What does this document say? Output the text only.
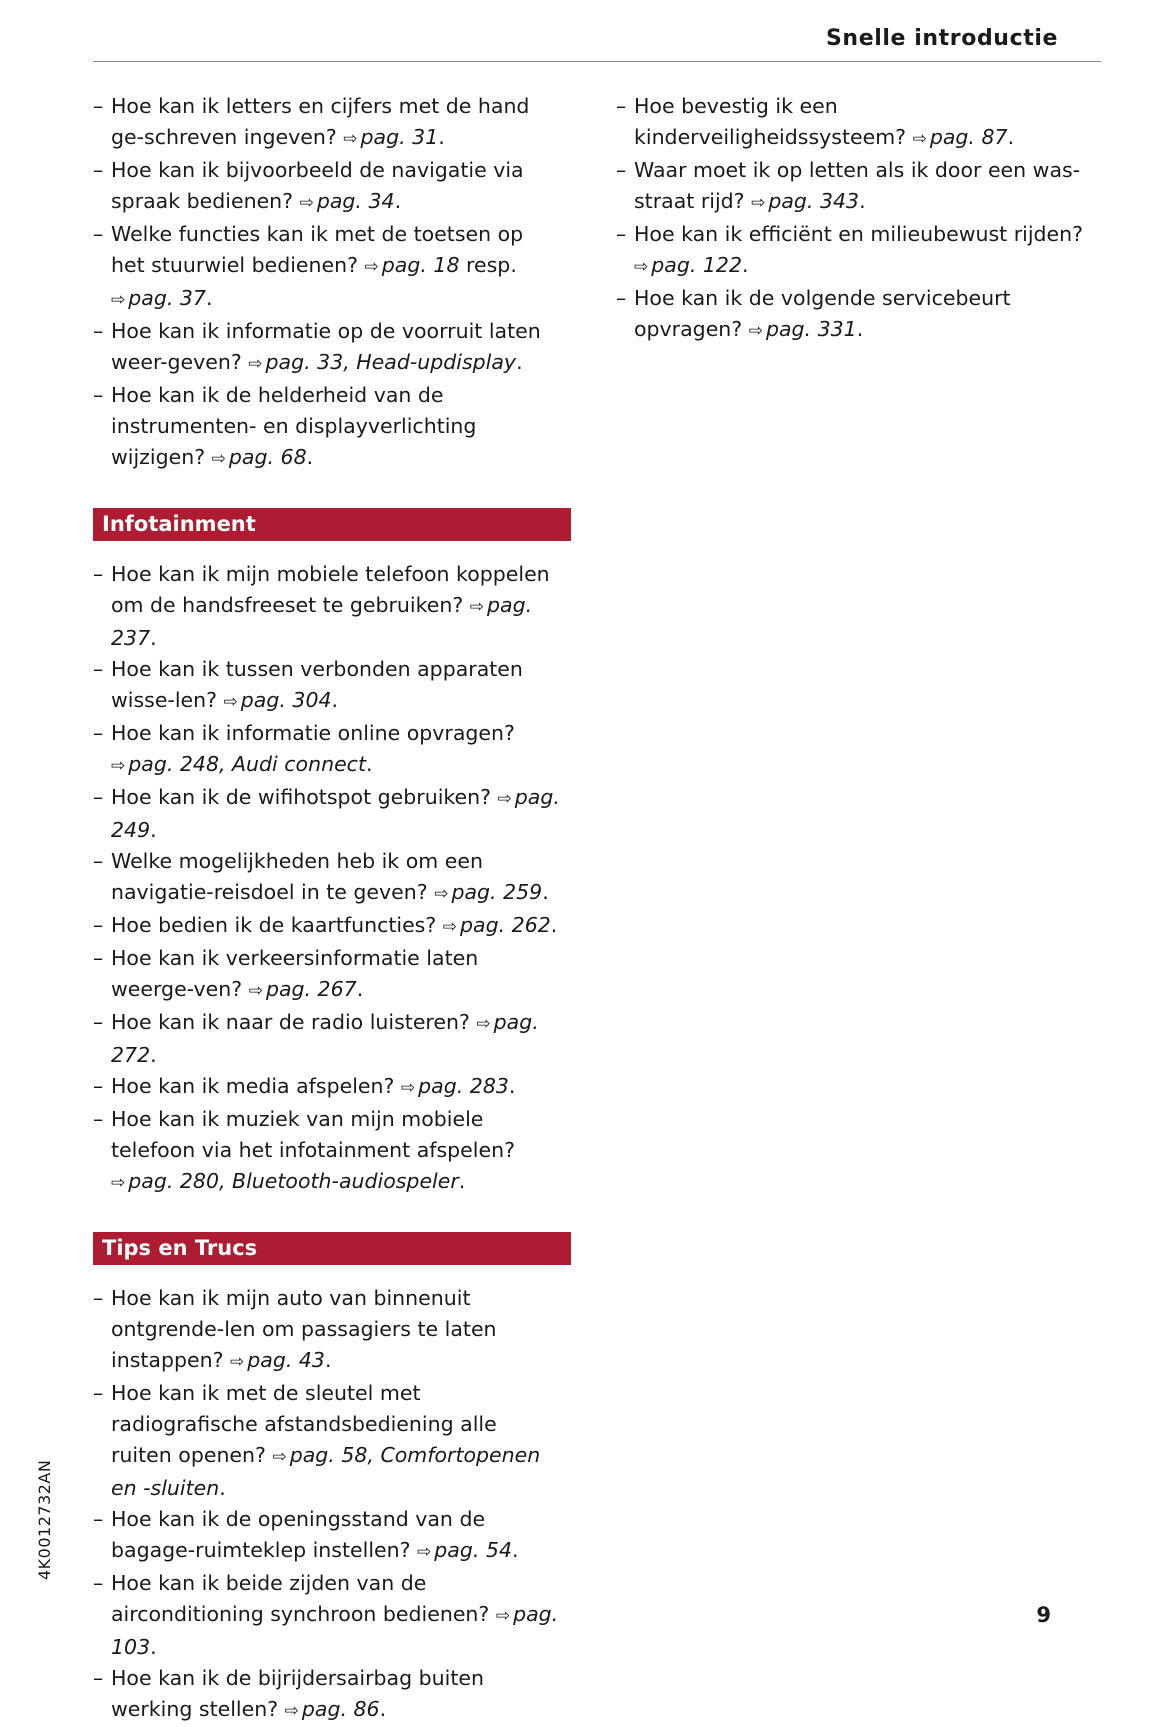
Snelle introductie
– Hoe kan ik letters en cijfers met de hand ge-schreven ingeven? ⇨ pag. 31.
– Hoe kan ik bijvoorbeeld de navigatie via spraak bedienen? ⇨ pag. 34.
– Welke functies kan ik met de toetsen op het stuurwiel bedienen? ⇨ pag. 18 resp. ⇨ pag. 37.
– Hoe kan ik informatie op de voorruit laten weer-geven? ⇨ pag. 33, Head-updisplay.
– Hoe kan ik de helderheid van de instrumenten- en displayverlichting wijzigen? ⇨ pag. 68.
Infotainment
– Hoe kan ik mijn mobiele telefoon koppelen om de handsfreeset te gebruiken? ⇨ pag. 237.
– Hoe kan ik tussen verbonden apparaten wisse-len? ⇨ pag. 304.
– Hoe kan ik informatie online opvragen? ⇨ pag. 248, Audi connect.
– Hoe kan ik de wifihotspot gebruiken? ⇨ pag. 249.
– Welke mogelijkheden heb ik om een navigatie-reisdoel in te geven? ⇨ pag. 259.
– Hoe bedien ik de kaartfuncties? ⇨ pag. 262.
– Hoe kan ik verkeersinformatie laten weerge-ven? ⇨ pag. 267.
– Hoe kan ik naar de radio luisteren? ⇨ pag. 272.
– Hoe kan ik media afspelen? ⇨ pag. 283.
– Hoe kan ik muziek van mijn mobiele telefoon via het infotainment afspelen? ⇨ pag. 280, Bluetooth-audiospeler.
Tips en Trucs
– Hoe kan ik mijn auto van binnenuit ontgrende-len om passagiers te laten instappen? ⇨ pag. 43.
– Hoe kan ik met de sleutel met radiografische afstandsbediening alle ruiten openen? ⇨ pag. 58, Comfortopenen en -sluiten.
– Hoe kan ik de openingsstand van de bagage-ruimteklep instellen? ⇨ pag. 54.
– Hoe kan ik beide zijden van de airconditioning synchroon bedienen? ⇨ pag. 103.
– Hoe kan ik de bijrijdersairbag buiten werking stellen? ⇨ pag. 86.
– Hoe bevestig ik een kinderveiligheidssysteem? ⇨ pag. 87.
– Waar moet ik op letten als ik door een was-straat rijd? ⇨ pag. 343.
– Hoe kan ik efficiënt en milieubewust rijden? ⇨ pag. 122.
– Hoe kan ik de volgende servicebeurt opvragen? ⇨ pag. 331.
4K0012732AN
9
